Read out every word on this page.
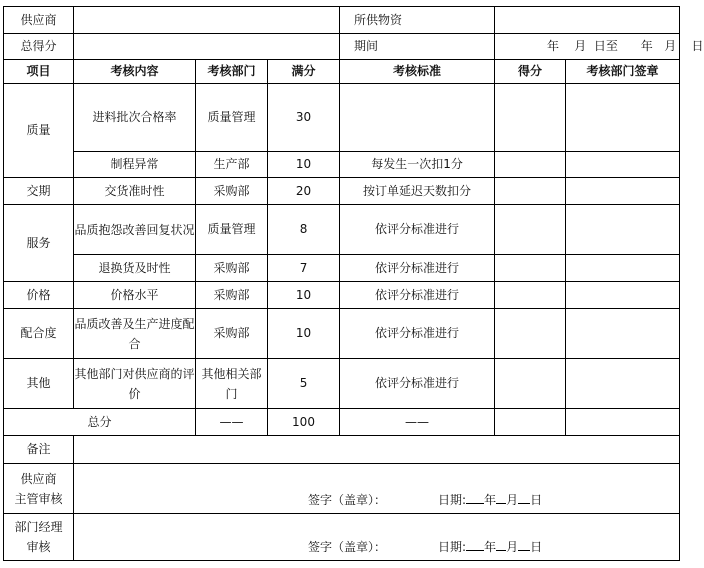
供应商				所供物资		
总得分				期间	年    月  日至      年   月    日	
项目	考核内容	考核部门	满分	考核标准	得分	考核部门签章
质量	进料批次合格率	质量管理	30			
	制程异常	生产部	10	每发生一次扣1分		
交期	交货准时性	采购部	20	按订单延迟天数扣分		
服务	品质抱怨改善回复状况	质量管理	8	依评分标准进行		
	退换货及时性	采购部	7	依评分标准进行		
价格	价格水平	采购部	10	依评分标准进行		
配合度	品质改善及生产进度配合	采购部	10	依评分标准进行		
其他	其他部门对供应商的评价	其他相关部门	5	依评分标准进行		
总分		——	100	——		
备注						
供应商
主管审核	签字（盖章）： 日期: 年 月 日					

部门经理
审核	签字（盖章）： 日期: 年 月 日					
